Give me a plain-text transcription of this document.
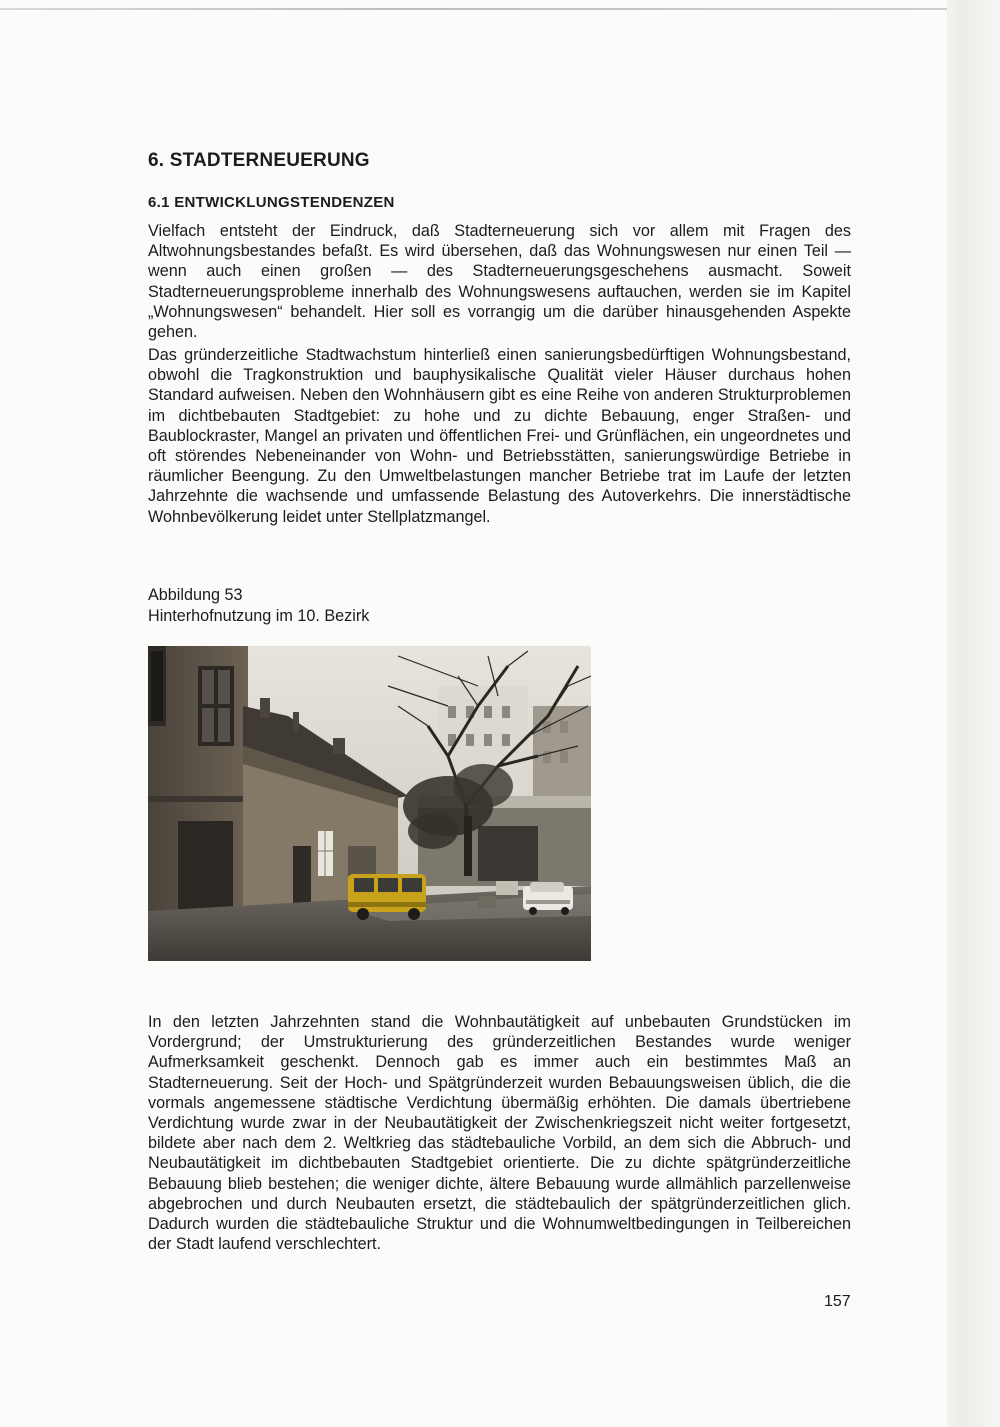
6. STADTERNEUERUNG
6.1 ENTWICKLUNGSTENDENZEN

Vielfach entsteht der Eindruck, daß Stadterneuerung sich vor allem mit Fragen des Altwohnungsbestandes befaßt. Es wird übersehen, daß das Wohnungswesen nur einen Teil — wenn auch einen großen — des Stadterneuerungsgeschehens ausmacht. Soweit Stadterneuerungsprobleme innerhalb des Wohnungswesens auftauchen, werden sie im Kapitel „Wohnungswesen“ behandelt. Hier soll es vorrangig um die darüber hinausgehenden Aspekte gehen.

Das gründerzeitliche Stadtwachstum hinterließ einen sanierungsbedürftigen Wohnungsbestand, obwohl die Tragkonstruktion und bauphysikalische Qualität vieler Häuser durchaus hohen Standard aufweisen. Neben den Wohnhäusern gibt es eine Reihe von anderen Strukturproblemen im dichtbebauten Stadtgebiet: zu hohe und zu dichte Bebauung, enger Straßen- und Baublockraster, Mangel an privaten und öffentlichen Frei- und Grünflächen, ein ungeordnetes und oft störendes Nebeneinander von Wohn- und Betriebsstätten, sanierungswürdige Betriebe in räumlicher Beengung. Zu den Umweltbelastungen mancher Betriebe trat im Laufe der letzten Jahrzehnte die wachsende und umfassende Belastung des Autoverkehrs. Die innerstädtische Wohnbevölkerung leidet unter Stellplatzmangel.

Abbildung 53
Hinterhofnutzung im 10. Bezirk

In den letzten Jahrzehnten stand die Wohnbautätigkeit auf unbebauten Grundstücken im Vordergrund; der Umstrukturierung des gründerzeitlichen Bestandes wurde weniger Aufmerksamkeit geschenkt. Dennoch gab es immer auch ein bestimmtes Maß an Stadterneuerung. Seit der Hoch- und Spätgründerzeit wurden Bebauungsweisen üblich, die die vormals angemessene städtische Verdichtung übermäßig erhöhten. Die damals übertriebene Verdichtung wurde zwar in der Neubautätigkeit der Zwischenkriegszeit nicht weiter fortgesetzt, bildete aber nach dem 2. Weltkrieg das städtebauliche Vorbild, an dem sich die Abbruch- und Neubautätigkeit im dichtbebauten Stadtgebiet orientierte. Die zu dichte spätgründerzeitliche Bebauung blieb bestehen; die weniger dichte, ältere Bebauung wurde allmählich parzellenweise abgebrochen und durch Neubauten ersetzt, die städtebaulich der spätgründerzeitlichen glich. Dadurch wurden die städtebauliche Struktur und die Wohnumweltbedingungen in Teilbereichen der Stadt laufend verschlechtert.

157
